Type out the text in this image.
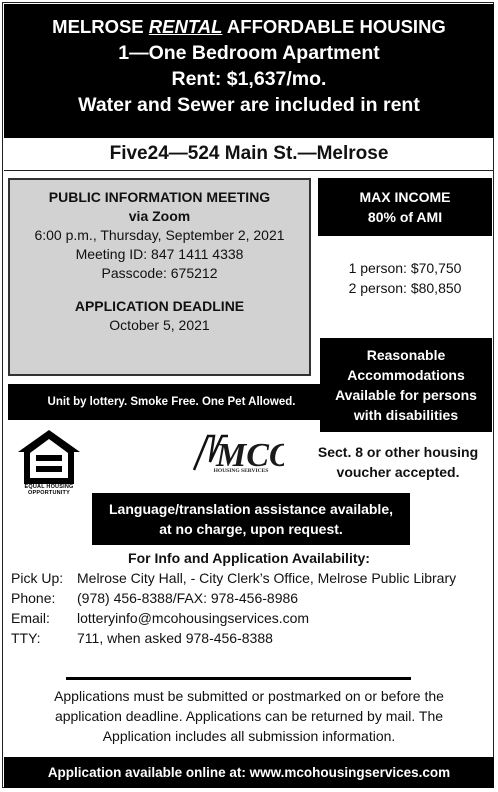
MELROSE RENTAL AFFORDABLE HOUSING
1—One Bedroom Apartment
Rent: $1,637/mo.
Water and Sewer are included in rent
Five24—524 Main St.—Melrose
PUBLIC INFORMATION MEETING
via Zoom
6:00 p.m., Thursday, September 2, 2021
Meeting ID: 847 1411 4338
Passcode: 675212
APPLICATION DEADLINE
October 5, 2021
Unit by lottery. Smoke Free. One Pet Allowed.
MAX INCOME
80% of AMI
1 person: $70,750
2 person: $80,850
Reasonable
Accommodations
Available for persons
with disabilities
EQUAL HOUSING
OPPORTUNITY
MC
HOUSING SERVICES
Sect. 8 or other housing
voucher accepted.
Language/translation assistance available,
at no charge, upon request.
For Info and Application Availability:
Pick Up: Melrose City Hall, - City Clerk’s Office, Melrose Public Library
Phone:	(978) 456-8388/FAX: 978-456-8986
Email:	lotteryinfo@mcohousingservices.com
TTY:	711, when asked 978-456-8388
Applications must be submitted or postmarked on or before the application deadline. Applications can be returned by mail. The Application includes all submission information.
Application available online at: www.mcohousingservices.com
